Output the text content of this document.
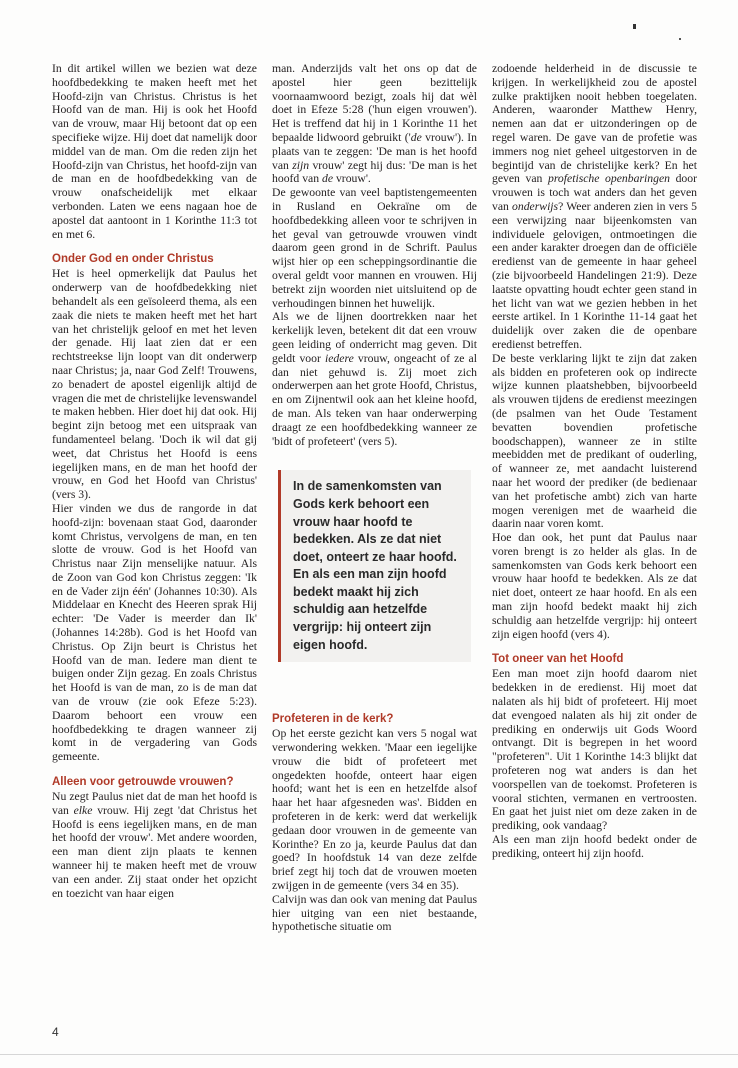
In dit artikel willen we bezien wat deze hoofdbedekking te maken heeft met het Hoofd-zijn van Christus. Christus is het Hoofd van de man. Hij is ook het Hoofd van de vrouw, maar Hij betoont dat op een specifieke wijze. Hij doet dat namelijk door middel van de man. Om die reden zijn het Hoofd-zijn van Christus, het hoofd-zijn van de man en de hoofdbedekking van de vrouw onafscheidelijk met elkaar verbonden. Laten we eens nagaan hoe de apostel dat aantoont in 1 Korinthe 11:3 tot en met 6.

Onder God en onder Christus

Het is heel opmerkelijk dat Paulus het onderwerp van de hoofdbedekking niet behandelt als een geïsoleerd thema, als een zaak die niets te maken heeft met het hart van het christelijk geloof en met het leven der genade. Hij laat zien dat er een rechtstreekse lijn loopt van dit onderwerp naar Christus; ja, naar God Zelf! Trouwens, zo benadert de apostel eigenlijk altijd de vragen die met de christelijke levenswandel te maken hebben. Hier doet hij dat ook. Hij begint zijn betoog met een uitspraak van fundamenteel belang. 'Doch ik wil dat gij weet, dat Christus het Hoofd is eens iegelijken mans, en de man het hoofd der vrouw, en God het Hoofd van Christus' (vers 3).

Hier vinden we dus de rangorde in dat hoofd-zijn: bovenaan staat God, daaronder komt Christus, vervolgens de man, en ten slotte de vrouw. God is het Hoofd van Christus naar Zijn menselijke natuur. Als de Zoon van God kon Christus zeggen: 'Ik en de Vader zijn één' (Johannes 10:30). Als Middelaar en Knecht des Heeren sprak Hij echter: 'De Vader is meerder dan Ik' (Johannes 14:28b). God is het Hoofd van Christus. Op Zijn beurt is Christus het Hoofd van de man. Iedere man dient te buigen onder Zijn gezag. En zoals Christus het Hoofd is van de man, zo is de man dat van de vrouw (zie ook Efeze 5:23). Daarom behoort een vrouw een hoofdbedekking te dragen wanneer zij komt in de vergadering van Gods gemeente.

Alleen voor getrouwde vrouwen?

Nu zegt Paulus niet dat de man het hoofd is van elke vrouw. Hij zegt 'dat Christus het Hoofd is eens iegelijken mans, en de man het hoofd der vrouw'. Met andere woorden, een man dient zijn plaats te kennen wanneer hij te maken heeft met de vrouw van een ander. Zij staat onder het opzicht en toezicht van haar eigen

man. Anderzijds valt het ons op dat de apostel hier geen bezittelijk voornaamwoord bezigt, zoals hij dat wèl doet in Efeze 5:28 ('hun eigen vrouwen'). Het is treffend dat hij in 1 Korinthe 11 het bepaalde lidwoord gebruikt ('de vrouw'). In plaats van te zeggen: 'De man is het hoofd van zijn vrouw' zegt hij dus: 'De man is het hoofd van de vrouw'.

De gewoonte van veel baptistengemeenten in Rusland en Oekraïne om de hoofdbedekking alleen voor te schrijven in het geval van getrouwde vrouwen vindt daarom geen grond in de Schrift. Paulus wijst hier op een scheppingsordinantie die overal geldt voor mannen en vrouwen. Hij betrekt zijn woorden niet uitsluitend op de verhoudingen binnen het huwelijk.

Als we de lijnen doortrekken naar het kerkelijk leven, betekent dit dat een vrouw geen leiding of onderricht mag geven. Dit geldt voor iedere vrouw, ongeacht of ze al dan niet gehuwd is. Zij moet zich onderwerpen aan het grote Hoofd, Christus, en om Zijnentwil ook aan het kleine hoofd, de man. Als teken van haar onderwerping draagt ze een hoofdbedekking wanneer ze 'bidt of profeteert' (vers 5).

In de samenkomsten van Gods kerk behoort een vrouw haar hoofd te bedekken. Als ze dat niet doet, onteert ze haar hoofd. En als een man zijn hoofd bedekt maakt hij zich schuldig aan hetzelfde vergrijp: hij onteert zijn eigen hoofd.

Profeteren in de kerk?

Op het eerste gezicht kan vers 5 nogal wat verwondering wekken. 'Maar een iegelijke vrouw die bidt of profeteert met ongedekten hoofde, onteert haar eigen hoofd; want het is een en hetzelfde alsof haar het haar afgesneden was'. Bidden en profeteren in de kerk: werd dat werkelijk gedaan door vrouwen in de gemeente van Korinthe? En zo ja, keurde Paulus dat dan goed? In hoofdstuk 14 van deze zelfde brief zegt hij toch dat de vrouwen moeten zwijgen in de gemeente (vers 34 en 35).

Calvijn was dan ook van mening dat Paulus hier uitging van een niet bestaande, hypothetische situatie om

zodoende helderheid in de discussie te krijgen. In werkelijkheid zou de apostel zulke praktijken nooit hebben toegelaten. Anderen, waaronder Matthew Henry, nemen aan dat er uitzonderingen op de regel waren. De gave van de profetie was immers nog niet geheel uitgestorven in de begintijd van de christelijke kerk? En het geven van profetische openbaringen door vrouwen is toch wat anders dan het geven van onderwijs? Weer anderen zien in vers 5 een verwijzing naar bijeenkomsten van individuele gelovigen, ontmoetingen die een ander karakter droegen dan de officiële eredienst van de gemeente in haar geheel (zie bijvoorbeeld Handelingen 21:9). Deze laatste opvatting houdt echter geen stand in het licht van wat we gezien hebben in het eerste artikel. In 1 Korinthe 11-14 gaat het duidelijk over zaken die de openbare eredienst betreffen.

De beste verklaring lijkt te zijn dat zaken als bidden en profeteren ook op indirecte wijze kunnen plaatshebben, bijvoorbeeld als vrouwen tijdens de eredienst meezingen (de psalmen van het Oude Testament bevatten bovendien profetische boodschappen), wanneer ze in stilte meebidden met de predikant of ouderling, of wanneer ze, met aandacht luisterend naar het woord der prediker (de bedienaar van het profetische ambt) zich van harte mogen verenigen met de waarheid die daarin naar voren komt.

Hoe dan ook, het punt dat Paulus naar voren brengt is zo helder als glas. In de samenkomsten van Gods kerk behoort een vrouw haar hoofd te bedekken. Als ze dat niet doet, onteert ze haar hoofd. En als een man zijn hoofd bedekt maakt hij zich schuldig aan hetzelfde vergrijp: hij onteert zijn eigen hoofd (vers 4).

Tot oneer van het Hoofd

Een man moet zijn hoofd daarom niet bedekken in de eredienst. Hij moet dat nalaten als hij bidt of profeteert. Hij moet dat evengoed nalaten als hij zit onder de prediking en onderwijs uit Gods Woord ontvangt. Dit is begrepen in het woord "profeteren". Uit 1 Korinthe 14:3 blijkt dat profeteren nog wat anders is dan het voorspellen van de toekomst. Profeteren is vooral stichten, vermanen en vertroosten. En gaat het juist niet om deze zaken in de prediking, ook vandaag?

Als een man zijn hoofd bedekt onder de prediking, onteert hij zijn hoofd.

4
